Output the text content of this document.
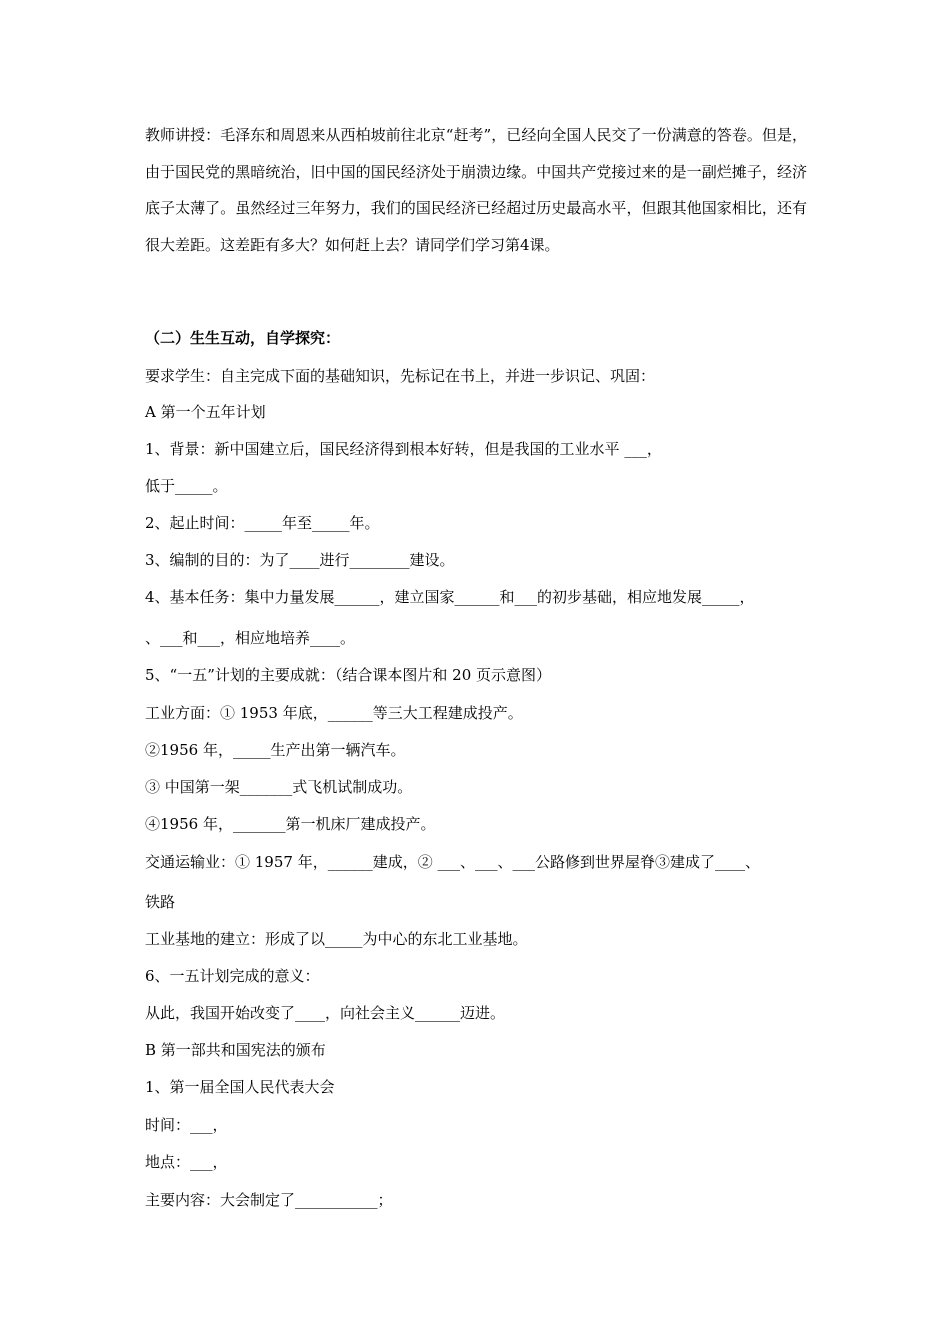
教师讲授：毛泽东和周恩来从西柏坡前往北京“赶考”，已经向全国人民交了一份满意的答卷。但是，由于国民党的黑暗统治，旧中国的国民经济处于崩溃边缘。中国共产党接过来的是一副烂摊子，经济底子太薄了。虽然经过三年努力，我们的国民经济已经超过历史最高水平，但跟其他国家相比，还有很大差距。这差距有多大？如何赶上去？请同学们学习第4课。
（二）生生互动，自学探究：
要求学生：自主完成下面的基础知识，先标记在书上，并进一步识记、巩固：
A 第一个五年计划
1、背景：新中国建立后，国民经济得到根本好转，但是我国的工业水平 ___，
低于_____。
2、起止时间：_____年至_____年。
3、编制的目的：为了____进行________建设。
4、基本任务：集中力量发展______，建立国家______和___的初步基础，相应地发展_____，
、___和___，相应地培养____。
5、“一五”计划的主要成就：（结合课本图片和 20 页示意图）
工业方面：① 1953 年底，______等三大工程建成投产。
②1956 年，_____生产出第一辆汽车。
③ 中国第一架_______式飞机试制成功。
④1956 年，_______第一机床厂建成投产。
交通运输业：① 1957 年，______建成，② ___、___、___公路修到世界屋脊③建成了____、
铁路
工业基地的建立：形成了以_____为中心的东北工业基地。
6、一五计划完成的意义：
从此，我国开始改变了____，向社会主义______迈进。
B 第一部共和国宪法的颁布
1、第一届全国人民代表大会
时间：___，
地点：___，
主要内容：大会制定了___________；
